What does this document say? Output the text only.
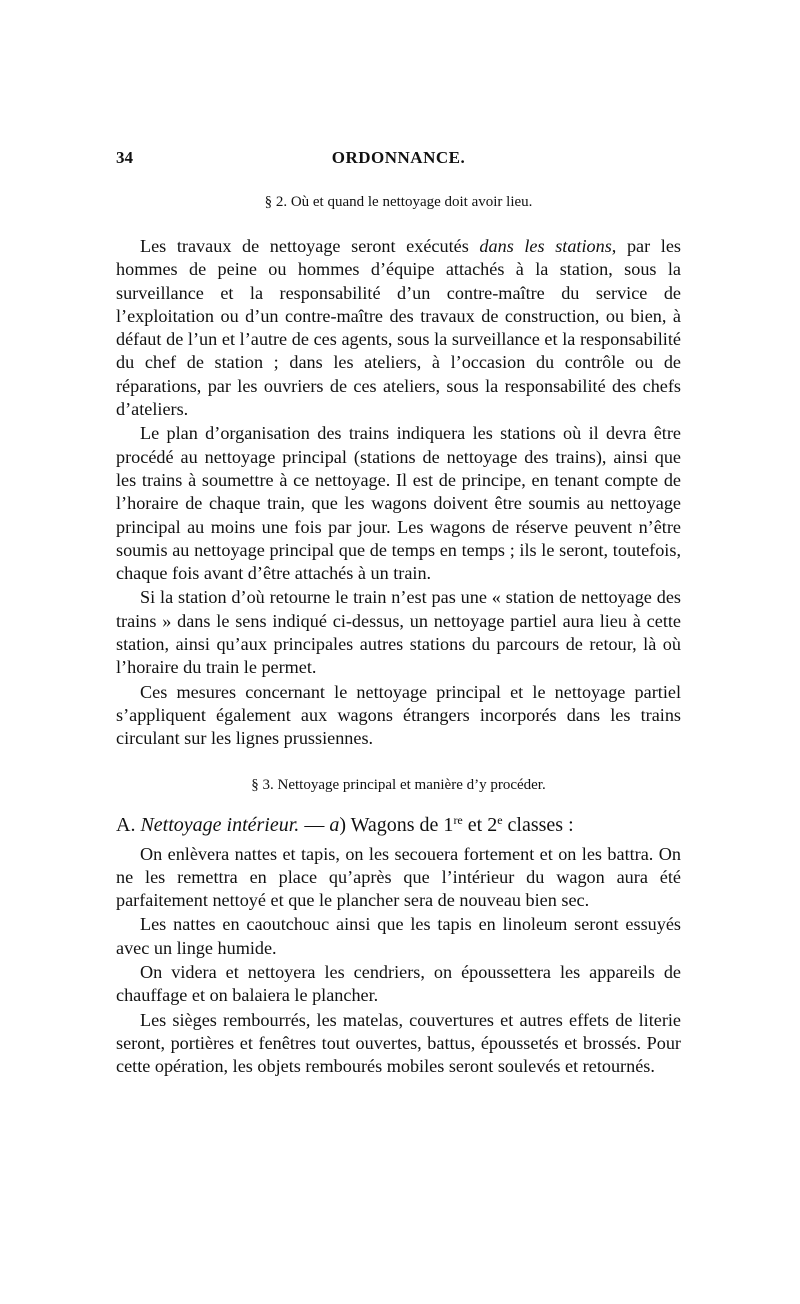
34	ORDONNANCE.
§ 2. Où et quand le nettoyage doit avoir lieu.

Les travaux de nettoyage seront exécutés dans les stations, par les hommes de peine ou hommes d’équipe attachés à la station, sous la surveillance et la responsabilité d’un contre-maître du service de l’exploitation ou d’un contre-maître des travaux de construction, ou bien, à défaut de l’un et l’autre de ces agents, sous la surveillance et la responsabilité du chef de station ; dans les ateliers, à l’occasion du contrôle ou de réparations, par les ouvriers de ces ateliers, sous la responsabilité des chefs d’ateliers.

Le plan d’organisation des trains indiquera les stations où il devra être procédé au nettoyage principal (stations de nettoyage des trains), ainsi que les trains à soumettre à ce nettoyage. Il est de principe, en tenant compte de l’horaire de chaque train, que les wagons doivent être soumis au nettoyage principal au moins une fois par jour. Les wagons de réserve peuvent n’être soumis au nettoyage principal que de temps en temps ; ils le seront, toutefois, chaque fois avant d’être attachés à un train.

Si la station d’où retourne le train n’est pas une « station de nettoyage des trains » dans le sens indiqué ci-dessus, un nettoyage partiel aura lieu à cette station, ainsi qu’aux principales autres stations du parcours de retour, là où l’horaire du train le permet.

Ces mesures concernant le nettoyage principal et le nettoyage partiel s’appliquent également aux wagons étrangers incorporés dans les trains circulant sur les lignes prussiennes.

§ 3. Nettoyage principal et manière d’y procéder.
A. Nettoyage intérieur. — a) Wagons de 1re et 2e classes :

On enlèvera nattes et tapis, on les secouera fortement et on les battra. On ne les remettra en place qu’après que l’intérieur du wagon aura été parfaitement nettoyé et que le plancher sera de nouveau bien sec.

Les nattes en caoutchouc ainsi que les tapis en linoleum seront essuyés avec un linge humide.

On videra et nettoyera les cendriers, on époussettera les appareils de chauffage et on balaiera le plancher.

Les sièges rembourrés, les matelas, couvertures et autres effets de literie seront, portières et fenêtres tout ouvertes, battus, époussetés et brossés. Pour cette opération, les objets rembourés mobiles seront soulevés et retournés.
